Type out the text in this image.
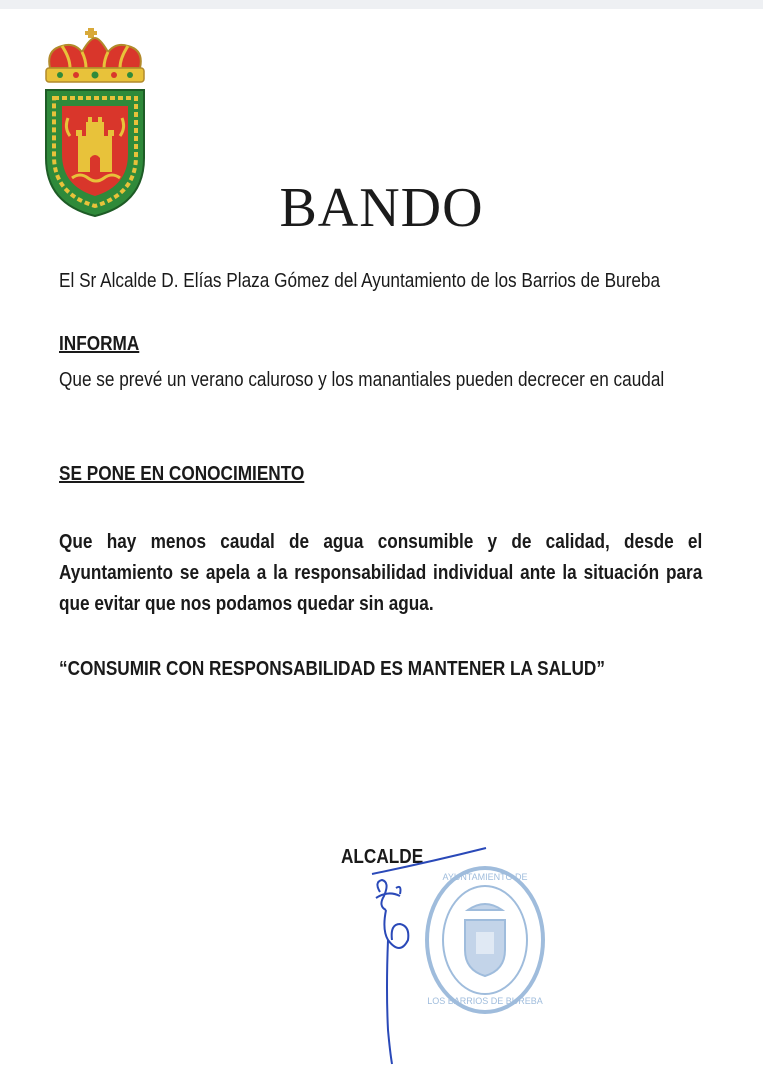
BANDO
El Sr Alcalde D. Elías Plaza Gómez del Ayuntamiento de los Barrios de Bureba
INFORMA
Que se prevé un verano caluroso y los manantiales pueden decrecer en caudal
SE PONE EN CONOCIMIENTO
Que hay menos caudal de agua consumible y de calidad, desde el Ayuntamiento se apela a la responsabilidad individual ante la situación para que evitar que nos podamos quedar sin agua.
“CONSUMIR CON RESPONSABILIDAD ES MANTENER LA SALUD”
ALCALDE
AYUNTAMIENTO DE
LOS BARRIOS DE BUREBA
